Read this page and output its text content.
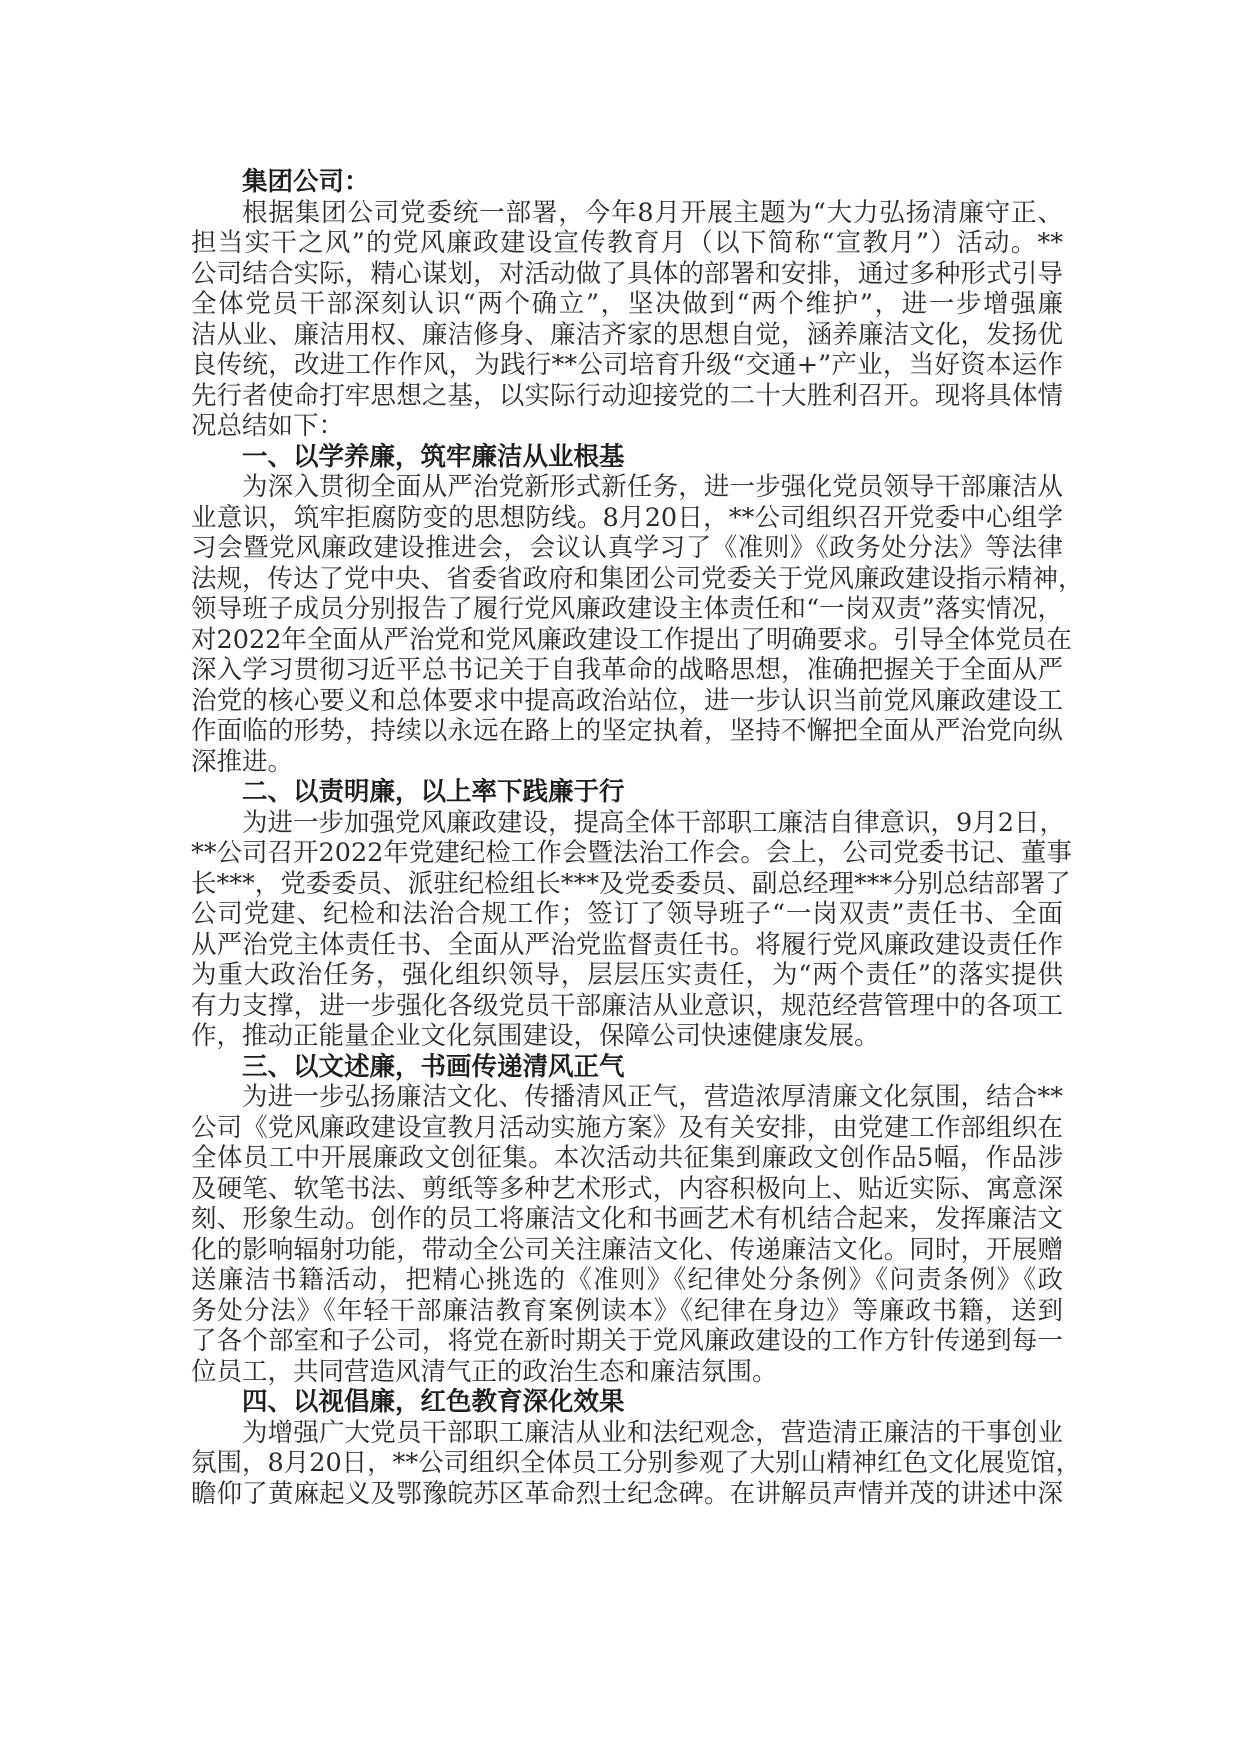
集团公司：
根据集团公司党委统一部署，今年8月开展主题为“大力弘扬清廉守正、
担当实干之风”的党风廉政建设宣传教育月（以下简称“宣教月”）活动。**
公司结合实际，精心谋划，对活动做了具体的部署和安排，通过多种形式引导
全体党员干部深刻认识“两个确立”，坚决做到“两个维护”，进一步增强廉
洁从业、廉洁用权、廉洁修身、廉洁齐家的思想自觉，涵养廉洁文化，发扬优
良传统，改进工作作风，为践行**公司培育升级“交通+”产业，当好资本运作
先行者使命打牢思想之基，以实际行动迎接党的二十大胜利召开。现将具体情
况总结如下：
一、以学养廉，筑牢廉洁从业根基
为深入贯彻全面从严治党新形式新任务，进一步强化党员领导干部廉洁从
业意识，筑牢拒腐防变的思想防线。8月20日，**公司组织召开党委中心组学
习会暨党风廉政建设推进会，会议认真学习了《准则》《政务处分法》等法律
法规，传达了党中央、省委省政府和集团公司党委关于党风廉政建设指示精神，
领导班子成员分别报告了履行党风廉政建设主体责任和“一岗双责”落实情况，
对2022年全面从严治党和党风廉政建设工作提出了明确要求。引导全体党员在
深入学习贯彻习近平总书记关于自我革命的战略思想，准确把握关于全面从严
治党的核心要义和总体要求中提高政治站位，进一步认识当前党风廉政建设工
作面临的形势，持续以永远在路上的坚定执着，坚持不懈把全面从严治党向纵
深推进。
二、以责明廉，以上率下践廉于行
为进一步加强党风廉政建设，提高全体干部职工廉洁自律意识，9月2日，
**公司召开2022年党建纪检工作会暨法治工作会。会上，公司党委书记、董事
长***，党委委员、派驻纪检组长***及党委委员、副总经理***分别总结部署了
公司党建、纪检和法治合规工作；签订了领导班子“一岗双责”责任书、全面
从严治党主体责任书、全面从严治党监督责任书。将履行党风廉政建设责任作
为重大政治任务，强化组织领导，层层压实责任，为“两个责任”的落实提供
有力支撑，进一步强化各级党员干部廉洁从业意识，规范经营管理中的各项工
作，推动正能量企业文化氛围建设，保障公司快速健康发展。
三、以文述廉，书画传递清风正气
为进一步弘扬廉洁文化、传播清风正气，营造浓厚清廉文化氛围，结合**
公司《党风廉政建设宣教月活动实施方案》及有关安排，由党建工作部组织在
全体员工中开展廉政文创征集。本次活动共征集到廉政文创作品5幅，作品涉
及硬笔、软笔书法、剪纸等多种艺术形式，内容积极向上、贴近实际、寓意深
刻、形象生动。创作的员工将廉洁文化和书画艺术有机结合起来，发挥廉洁文
化的影响辐射功能，带动全公司关注廉洁文化、传递廉洁文化。同时，开展赠
送廉洁书籍活动，把精心挑选的《准则》《纪律处分条例》《问责条例》《政
务处分法》《年轻干部廉洁教育案例读本》《纪律在身边》等廉政书籍，送到
了各个部室和子公司，将党在新时期关于党风廉政建设的工作方针传递到每一
位员工，共同营造风清气正的政治生态和廉洁氛围。
四、以视倡廉，红色教育深化效果
为增强广大党员干部职工廉洁从业和法纪观念，营造清正廉洁的干事创业
氛围，8月20日，**公司组织全体员工分别参观了大别山精神红色文化展览馆，
瞻仰了黄麻起义及鄂豫皖苏区革命烈士纪念碑。在讲解员声情并茂的讲述中深
